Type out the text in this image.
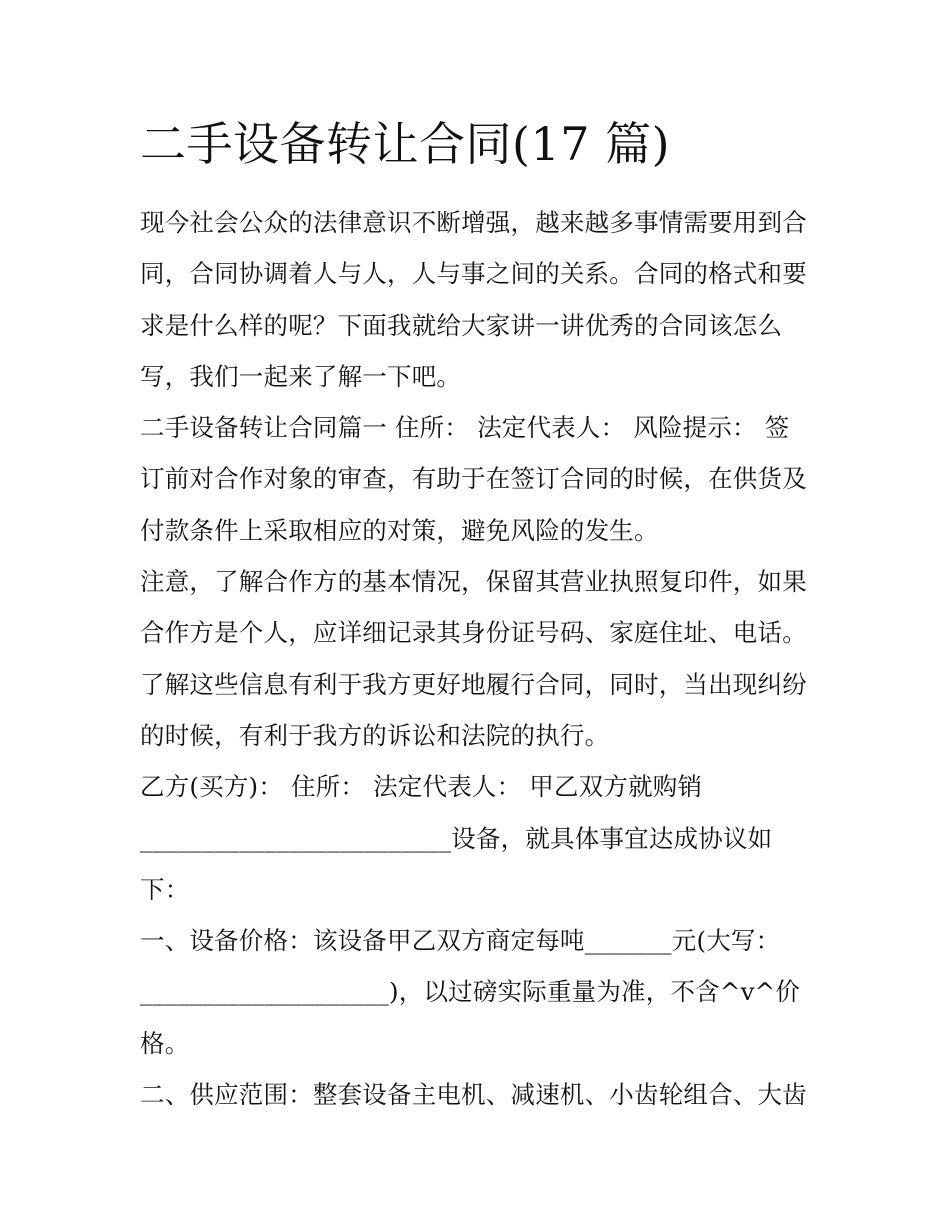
二手设备转让合同(17 篇)
现今社会公众的法律意识不断增强，越来越多事情需要用到合
同，合同协调着人与人，人与事之间的关系。合同的格式和要
求是什么样的呢？下面我就给大家讲一讲优秀的合同该怎么
写，我们一起来了解一下吧。
二手设备转让合同篇一 住所： 法定代表人： 风险提示： 签
订前对合作对象的审查，有助于在签订合同的时候，在供货及
付款条件上采取相应的对策，避免风险的发生。
注意，了解合作方的基本情况，保留其营业执照复印件，如果
合作方是个人，应详细记录其身份证号码、家庭住址、电话。
了解这些信息有利于我方更好地履行合同，同时，当出现纠纷
的时候，有利于我方的诉讼和法院的执行。
乙方(买方)： 住所： 法定代表人： 甲乙双方就购销
_________________________设备，就具体事宜达成协议如
下：
一、设备价格：该设备甲乙双方商定每吨_______元(大写：
____________________)，以过磅实际重量为准，不含^v^价
格。
二、供应范围：整套设备主电机、减速机、小齿轮组合、大齿
